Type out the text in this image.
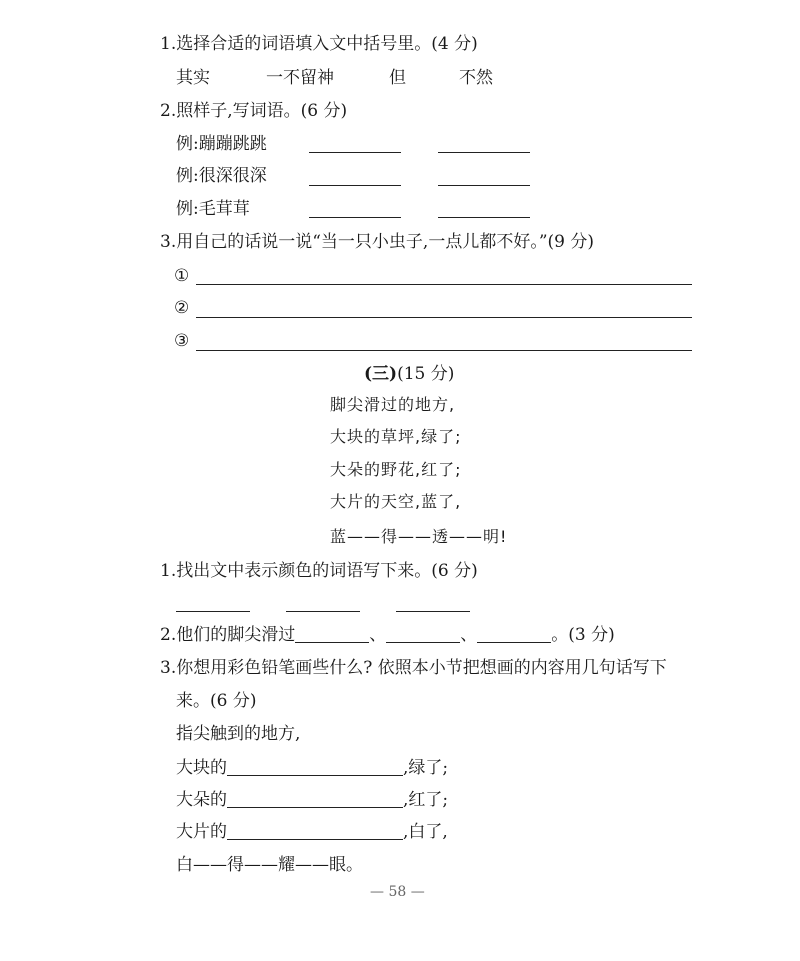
1.选择合适的词语填入文中括号里。(4 分)
其实	一不留神	但	不然
2.照样子,写词语。(6 分)
例:蹦蹦跳跳
例:很深很深
例:毛茸茸
3.用自己的话说一说“当一只小虫子,一点儿都不好。”(9 分)
①
②
③
(三)(15 分)
脚尖滑过的地方,
大块的草坪,绿了;
大朵的野花,红了;
大片的天空,蓝了,
蓝——得——透——明!
1.找出文中表示颜色的词语写下来。(6 分)
2.他们的脚尖滑过	、	、	。(3 分)
3.你想用彩色铅笔画些什么? 依照本小节把想画的内容用几句话写下
来。(6 分)
指尖触到的地方,
大块的	,绿了;
大朵的	,红了;
大片的	,白了,
白——得——耀——眼。
— 58 —
